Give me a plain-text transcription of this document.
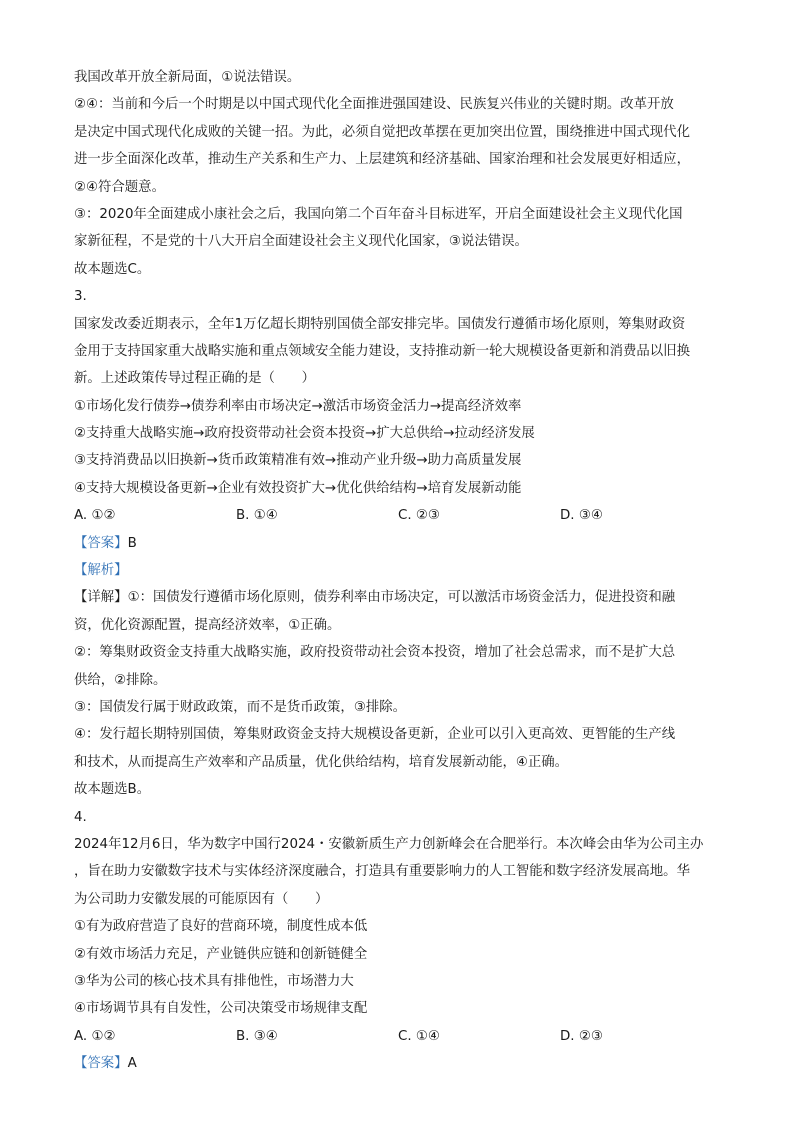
我国改革开放全新局面，①说法错误。
②④：当前和今后一个时期是以中国式现代化全面推进强国建设、民族复兴伟业的关键时期。改革开放
是决定中国式现代化成败的关键一招。为此，必须自觉把改革摆在更加突出位置，围绕推进中国式现代化
进一步全面深化改革，推动生产关系和生产力、上层建筑和经济基础、国家治理和社会发展更好相适应，
②④符合题意。
③：2020年全面建成小康社会之后，我国向第二个百年奋斗目标进军，开启全面建设社会主义现代化国
家新征程，不是党的十八大开启全面建设社会主义现代化国家，③说法错误。
故本题选C。
3.
国家发改委近期表示，全年1万亿超长期特别国债全部安排完毕。国债发行遵循市场化原则，筹集财政资
金用于支持国家重大战略实施和重点领域安全能力建设，支持推动新一轮大规模设备更新和消费品以旧换
新。上述政策传导过程正确的是（　　）
①市场化发行债券→债券利率由市场决定→激活市场资金活力→提高经济效率
②支持重大战略实施→政府投资带动社会资本投资→扩大总供给→拉动经济发展
③支持消费品以旧换新→货币政策精准有效→推动产业升级→助力高质量发展
④支持大规模设备更新→企业有效投资扩大→优化供给结构→培育发展新动能
A. ①②	B. ①④	C. ②③	D. ③④
【答案】B
【解析】
【详解】①：国债发行遵循市场化原则，债券利率由市场决定，可以激活市场资金活力，促进投资和融
资，优化资源配置，提高经济效率，①正确。
②：筹集财政资金支持重大战略实施，政府投资带动社会资本投资，增加了社会总需求，而不是扩大总
供给，②排除。
③：国债发行属于财政政策，而不是货币政策，③排除。
④：发行超长期特别国债，筹集财政资金支持大规模设备更新，企业可以引入更高效、更智能的生产线
和技术，从而提高生产效率和产品质量，优化供给结构，培育发展新动能，④正确。
故本题选B。
4.
2024年12月6日，华为数字中国行2024・安徽新质生产力创新峰会在合肥举行。本次峰会由华为公司主办
，旨在助力安徽数字技术与实体经济深度融合，打造具有重要影响力的人工智能和数字经济发展高地。华
为公司助力安徽发展的可能原因有（　　）
①有为政府营造了良好的营商环境，制度性成本低
②有效市场活力充足，产业链供应链和创新链健全
③华为公司的核心技术具有排他性，市场潜力大
④市场调节具有自发性，公司决策受市场规律支配
A. ①②	B. ③④	C. ①④	D. ②③
【答案】A
